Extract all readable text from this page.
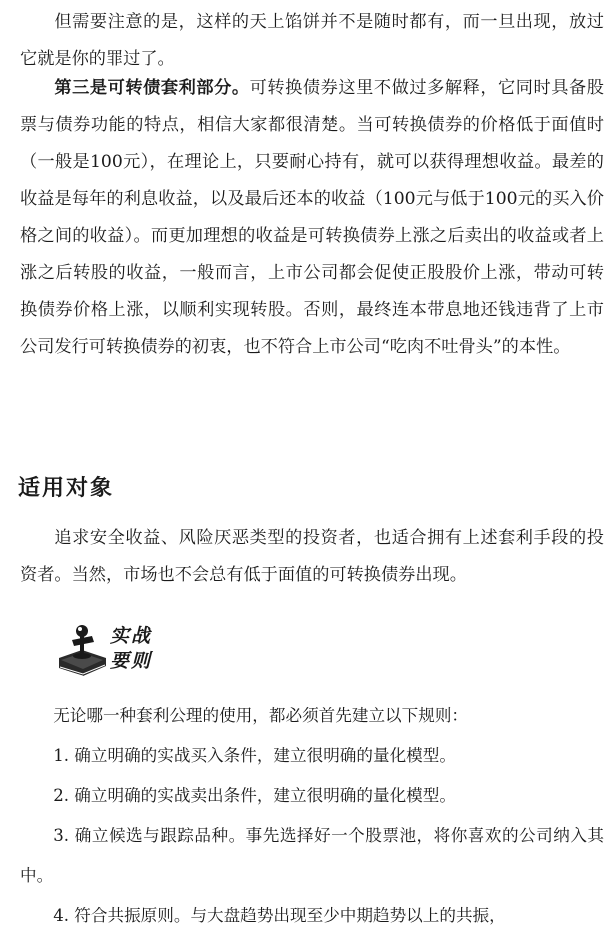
但需要注意的是，这样的天上馅饼并不是随时都有，而一旦出现，放过它就是你的罪过了。

第三是可转债套利部分。可转换债券这里不做过多解释，它同时具备股票与债券功能的特点，相信大家都很清楚。当可转换债券的价格低于面值时（一般是100元），在理论上，只要耐心持有，就可以获得理想收益。最差的收益是每年的利息收益，以及最后还本的收益（100元与低于100元的买入价格之间的收益）。而更加理想的收益是可转换债券上涨之后卖出的收益或者上涨之后转股的收益，一般而言，上市公司都会促使正股股价上涨，带动可转换债券价格上涨，以顺利实现转股。否则，最终连本带息地还钱违背了上市公司发行可转换债券的初衷，也不符合上市公司“吃肉不吐骨头”的本性。

适用对象

追求安全收益、风险厌恶类型的投资者，也适合拥有上述套利手段的投资者。当然，市场也不会总有低于面值的可转换债券出现。

实战
要则

无论哪一种套利公理的使用，都必须首先建立以下规则：

1. 确立明确的实战买入条件，建立很明确的量化模型。

2. 确立明确的实战卖出条件，建立很明确的量化模型。

3. 确立候选与跟踪品种。事先选择好一个股票池，将你喜欢的公司纳入其中。

4. 符合共振原则。与大盘趋势出现至少中期趋势以上的共振，
